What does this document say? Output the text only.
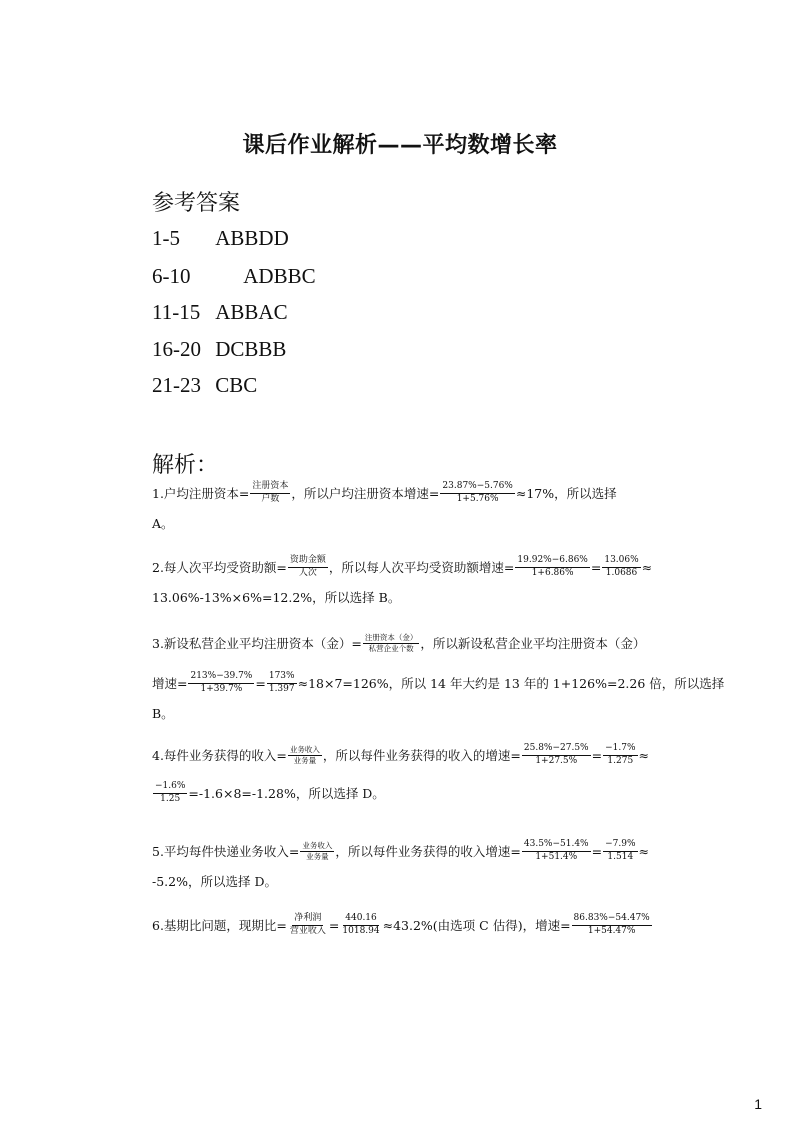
课后作业解析——平均数增长率
参考答案
1-5 ABBDD
6-10	ADBBC
11-15 ABBAC
16-20 DCBBB
21-23 CBC
解析：
1.户均注册资本= $\frac{\text{注册资本}}{\text{户数}}$ ，所以户均注册资本增速= $\frac{23.87\%-5.76\%}{1+5.76\%} \approx 17\%$，所以选择
A。
2.每人次平均受资助额= $\frac{\text{资助金额}}{\text{人次}}$ ，所以每人次平均受资助额增速= $\frac{19.92\%-6.86\%}{1+6.86\%} = \frac{13.06\%}{1.0686}$ ≈
13.06%-13%×6%=12.2%，所以选择 B。
3.新设私营企业平均注册资本（金）= $\frac{\text{注册资本（金）}}{\text{私营企业个数}}$ ，所以新设私营企业平均注册资本（金）
增速= $\frac{213\%-39.7\%}{1+39.7\%} = \frac{173\%}{1.397} \approx 18\times 7=126\%$，所以 14 年大约是 13 年的 1+126%=2.26 倍，所以选择
B。
4.每件业务获得的收入= $\frac{\text{业务收入}}{\text{业务量}}$ ，所以每件业务获得的收入的增速= $\frac{25.8\%-27.5\%}{1+27.5\%} = \frac{-1.7\%}{1.275}$ ≈
$\frac{-1.6\%}{1.25} =-1.6\times 8=-1.28\%$，所以选择 D。
5.平均每件快递业务收入= $\frac{\text{业务收入}}{\text{业务量}}$ ，所以每件业务获得的收入增速= $\frac{43.5\%-51.4\%}{1+51.4\%} = \frac{-7.9\%}{1.514}$ ≈
-5.2%，所以选择 D。
6.基期比问题，现期比= $\frac{\text{净利润}}{\text{营业收入}} = \frac{440.16}{1018.94} \approx 43.2\%$(由选项 C 估得)，增速= $\frac{86.83\%-54.47\%}{1+54.47\%}$
1
